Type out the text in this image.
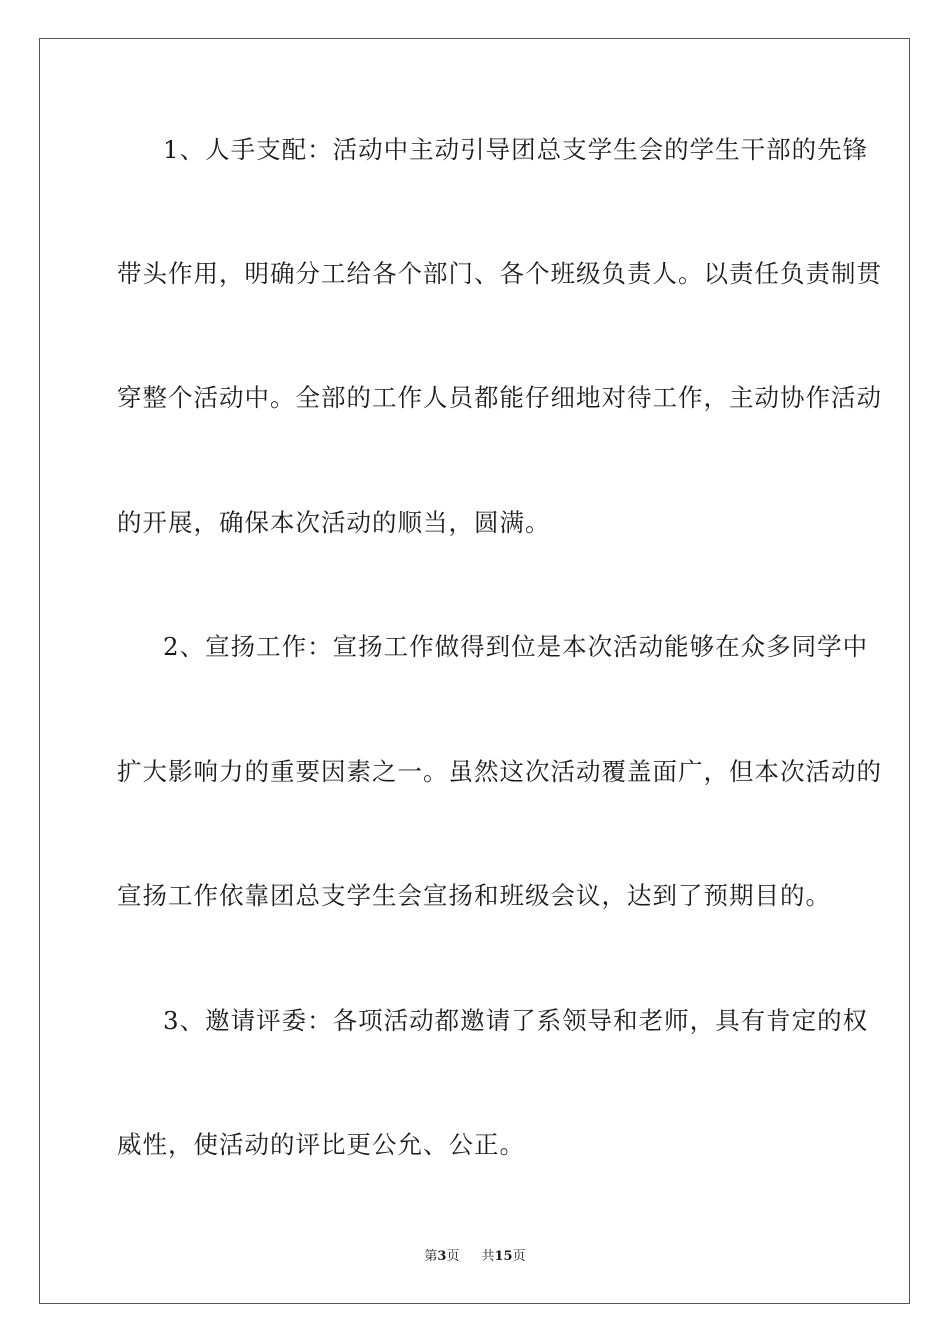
1、人手支配：活动中主动引导团总支学生会的学生干部的先锋
带头作用，明确分工给各个部门、各个班级负责人。以责任负责制贯
穿整个活动中。全部的工作人员都能仔细地对待工作，主动协作活动
的开展，确保本次活动的顺当，圆满。
2、宣扬工作：宣扬工作做得到位是本次活动能够在众多同学中
扩大影响力的重要因素之一。虽然这次活动覆盖面广，但本次活动的
宣扬工作依靠团总支学生会宣扬和班级会议，达到了预期目的。
3、邀请评委：各项活动都邀请了系领导和老师，具有肯定的权
威性，使活动的评比更公允、公正。
第3页 共15页
